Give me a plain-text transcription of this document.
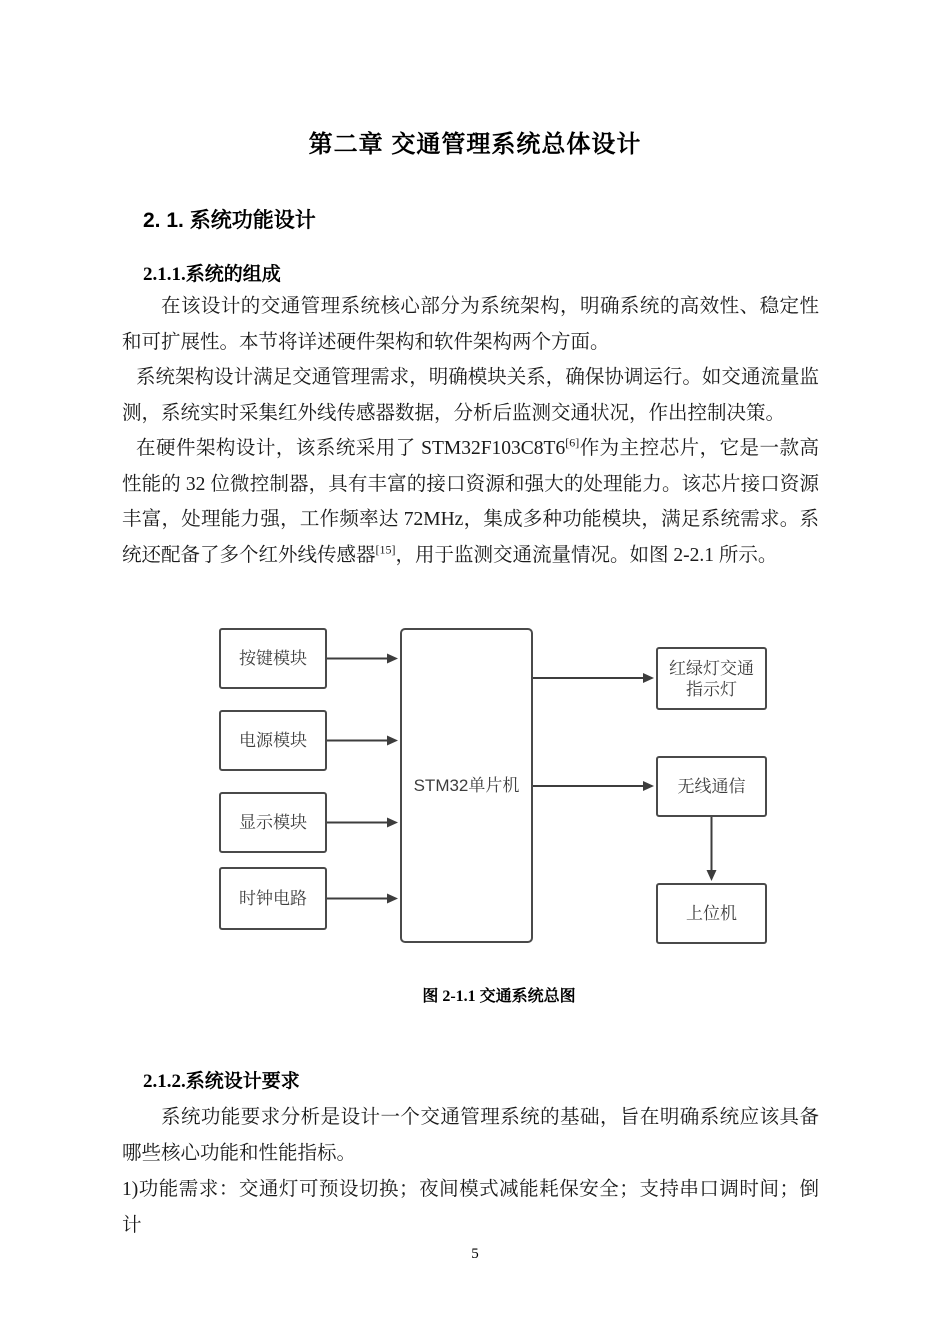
第二章 交通管理系统总体设计
2. 1. 系统功能设计
2.1.1.系统的组成

在该设计的交通管理系统核心部分为系统架构，明确系统的高效性、稳定性和可扩展性。本节将详述硬件架构和软件架构两个方面。

系统架构设计满足交通管理需求，明确模块关系，确保协调运行。如交通流量监测，系统实时采集红外线传感器数据，分析后监测交通状况，作出控制决策。

在硬件架构设计，该系统采用了 STM32F103C8T6[6]作为主控芯片，它是一款高性能的 32 位微控制器，具有丰富的接口资源和强大的处理能力。该芯片接口资源丰富，处理能力强，工作频率达 72MHz，集成多种功能模块，满足系统需求。系统还配备了多个红外线传感器[15]，用于监测交通流量情况。如图 2-2.1 所示。

按键模块
电源模块
显示模块
时钟电路
STM32单片机
红绿灯交通
指示灯
无线通信
上位机
图 2-1.1 交通系统总图
2.1.2.系统设计要求

系统功能要求分析是设计一个交通管理系统的基础，旨在明确系统应该具备哪些核心功能和性能指标。

1)功能需求：交通灯可预设切换；夜间模式减能耗保安全；支持串口调时间；倒计

5
